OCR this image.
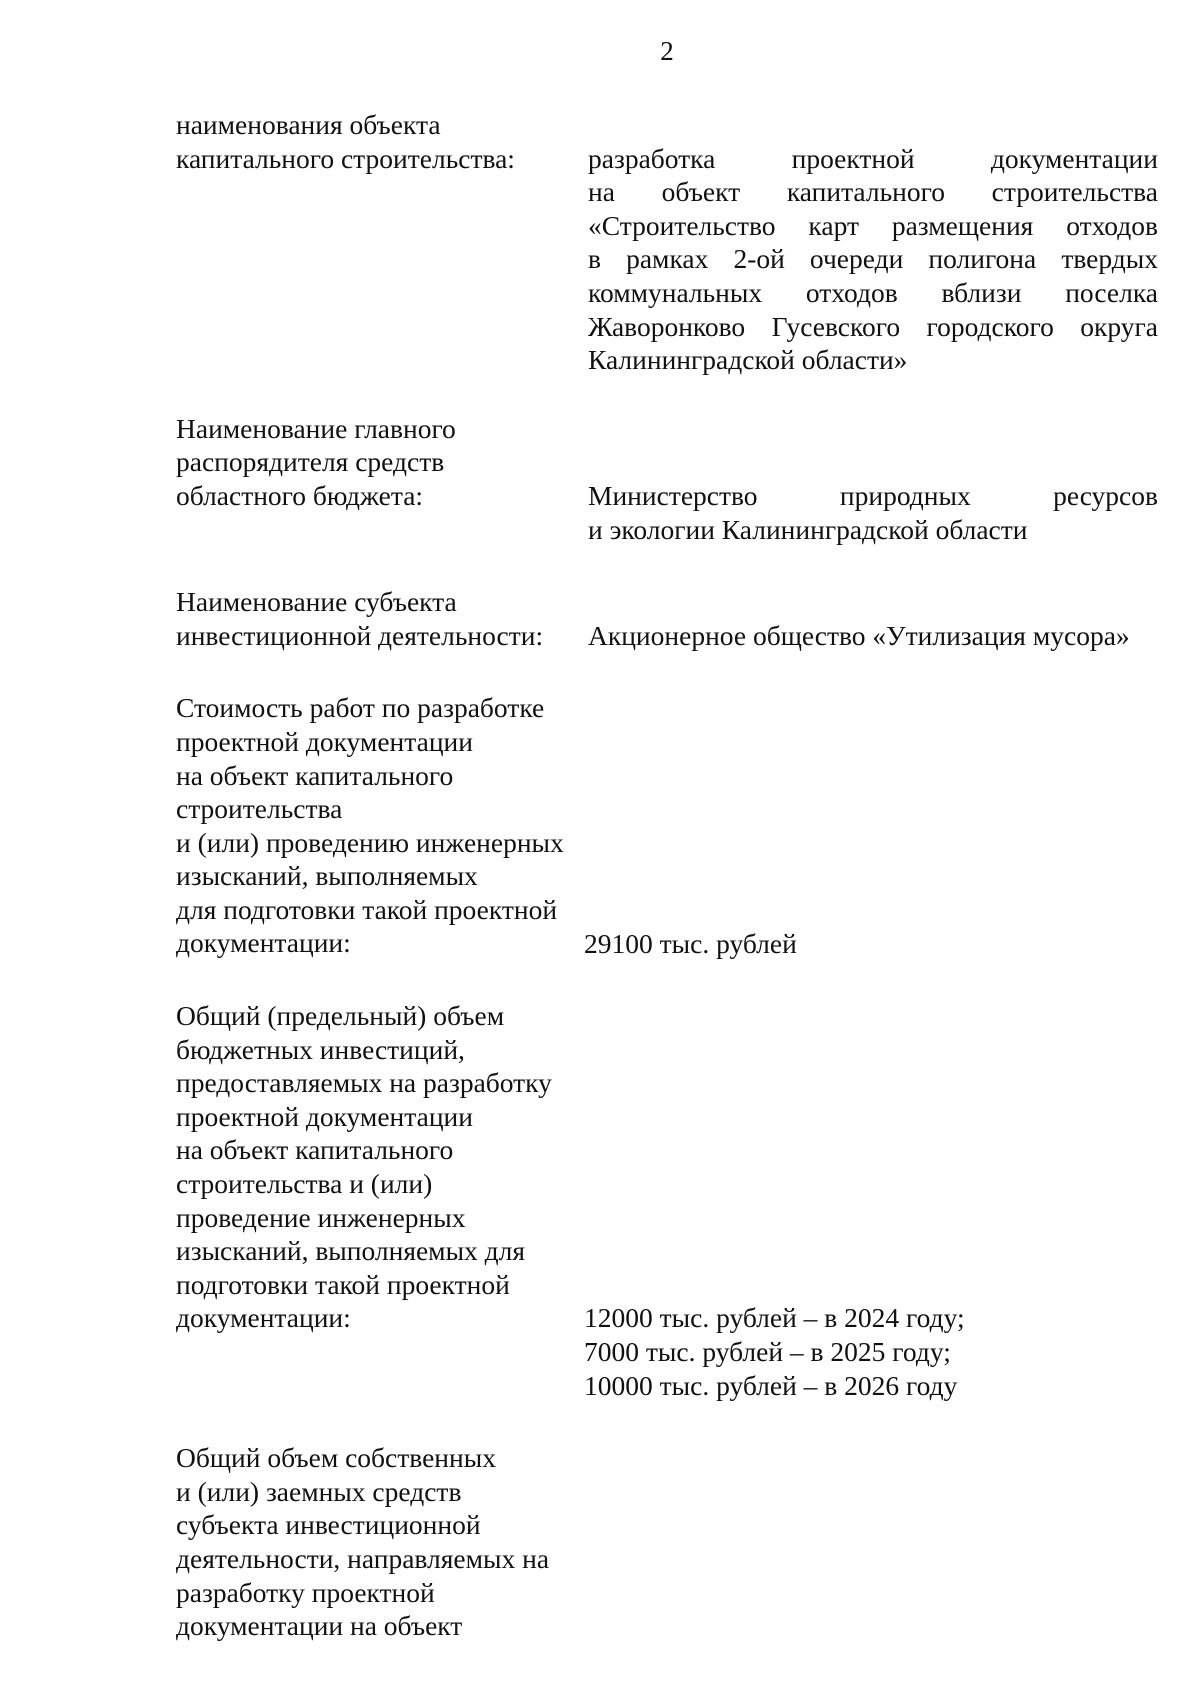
2
наименования объекта
капитального строительства:	разработка проектной документации
на объект капитального строительства
«Строительство карт размещения отходов
в рамках 2-ой очереди полигона твердых
коммунальных отходов вблизи поселка
Жаворонково Гусевского городского округа
Калининградской области»
Наименование главного
распорядителя средств
областного бюджета:	Министерство природных ресурсов
и экологии Калининградской области
Наименование субъекта
инвестиционной деятельности:	Акционерное общество «Утилизация мусора»
Стоимость работ по разработке
проектной документации
на объект капитального
строительства
и (или) проведению инженерных
изысканий, выполняемых
для подготовки такой проектной
документации:	29100 тыс. рублей
Общий (предельный) объем
бюджетных инвестиций,
предоставляемых на разработку
проектной документации
на объект капитального
строительства и (или)
проведение инженерных
изысканий, выполняемых для
подготовки такой проектной
документации:	12000 тыс. рублей – в 2024 году;
7000 тыс. рублей – в 2025 году;
10000 тыс. рублей – в 2026 году
Общий объем собственных
и (или) заемных средств
субъекта инвестиционной
деятельности, направляемых на
разработку проектной
документации на объект
